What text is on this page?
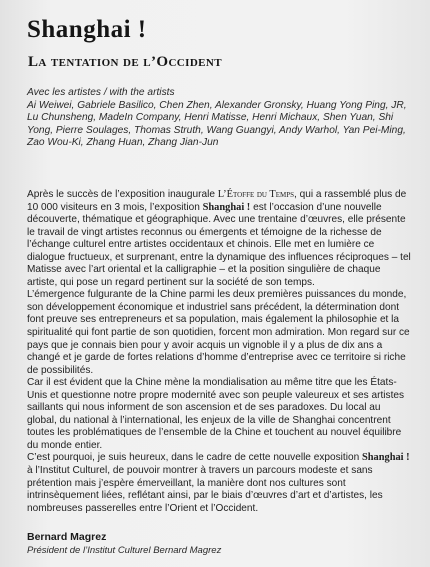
Shanghai !
La tentation de l’Occident
Avec les artistes / with the artists
Ai Weiwei, Gabriele Basilico, Chen Zhen, Alexander Gronsky, Huang Yong Ping, JR, Lu Chunsheng, MadeIn Company, Henri Matisse, Henri Michaux, Shen Yuan, Shi Yong, Pierre Soulages, Thomas Struth, Wang Guangyi, Andy Warhol, Yan Pei-Ming, Zao Wou-Ki, Zhang Huan, Zhang Jian-Jun

Après le succès de l’exposition inaugurale L’Étoffe du Temps, qui a rassemblé plus de 10 000 visiteurs en 3 mois, l’exposition Shanghai ! est l’occasion d’une nouvelle découverte, thématique et géographique. Avec une trentaine d’œuvres, elle présente le travail de vingt artistes reconnus ou émergents et témoigne de la richesse de l’échange culturel entre artistes occidentaux et chinois. Elle met en lumière ce dialogue fructueux, et surprenant, entre la dynamique des influences réciproques – tel Matisse avec l’art oriental et la calligraphie – et la position singulière de chaque artiste, qui pose un regard pertinent sur la société de son temps.

L’émergence fulgurante de la Chine parmi les deux premières puissances du monde, son développement économique et industriel sans précédent, la détermination dont font preuve ses entrepreneurs et sa population, mais également la philosophie et la spiritualité qui font partie de son quotidien, forcent mon admiration. Mon regard sur ce pays que je connais bien pour y avoir acquis un vignoble il y a plus de dix ans a changé et je garde de fortes relations d’homme d’entreprise avec ce territoire si riche de possibilités.

Car il est évident que la Chine mène la mondialisation au même titre que les États-Unis et questionne notre propre modernité avec son peuple valeureux et ses artistes saillants qui nous informent de son ascension et de ses paradoxes. Du local au global, du national à l’international, les enjeux de la ville de Shanghai concentrent toutes les problématiques de l’ensemble de la Chine et touchent au nouvel équilibre du monde entier.

C’est pourquoi, je suis heureux, dans le cadre de cette nouvelle exposition Shanghai ! à l’Institut Culturel, de pouvoir montrer à travers un parcours modeste et sans prétention mais j’espère émerveillant, la manière dont nos cultures sont intrinsèquement liées, reflétant ainsi, par le biais d’œuvres d’art et d’artistes, les nombreuses passerelles entre l’Orient et l’Occident.

Bernard Magrez
Président de l’Institut Culturel Bernard Magrez
